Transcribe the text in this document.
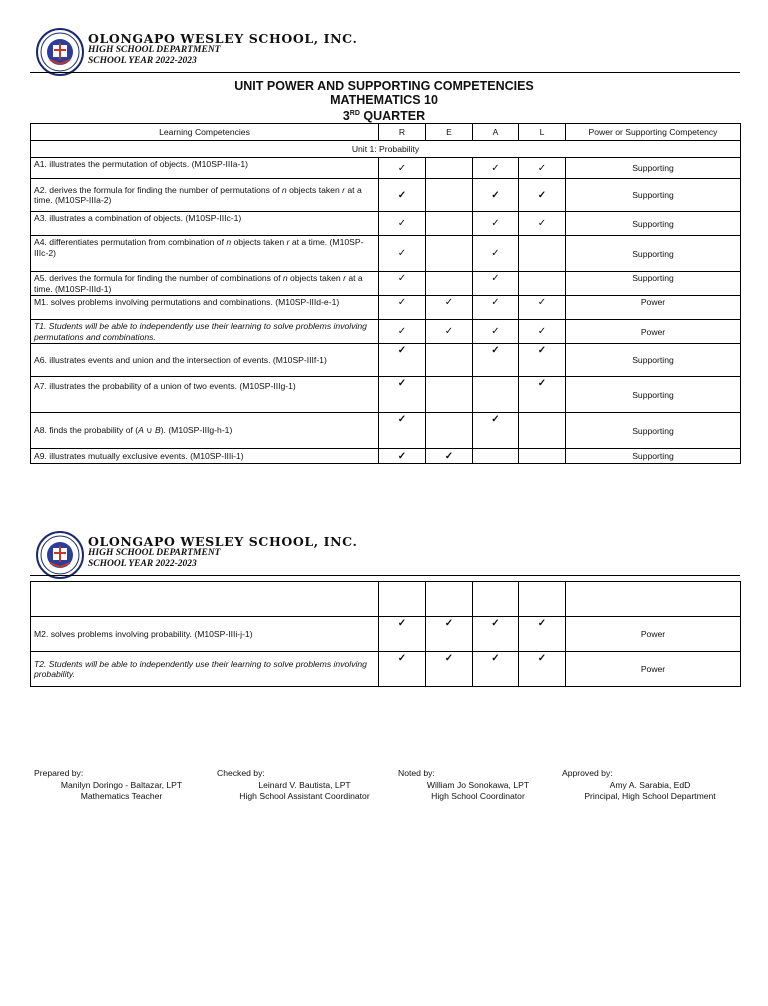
OLONGAPO WESLEY SCHOOL, INC.
HIGH SCHOOL DEPARTMENT
SCHOOL YEAR 2022-2023
UNIT POWER AND SUPPORTING COMPETENCIES
MATHEMATICS 10
3RD QUARTER
Learning Competencies	R	E	A	L	Power or Supporting Competency
Unit 1: Probability					
A1. illustrates the permutation of objects. (M10SP-IIIa-1)	✓		✓	✓	Supporting
A2. derives the formula for finding the number of permutations of n objects taken r at a time. (M10SP-IIIa-2)	✓		✓	✓	Supporting
A3. illustrates a combination of objects. (M10SP-IIIc-1)	✓		✓	✓	Supporting
A4. differentiates permutation from combination of n objects taken r at a time. (M10SP-IIIc-2)	✓		✓		Supporting
A5. derives the formula for finding the number of combinations of n objects taken r at a time. (M10SP-IIId-1)	✓		✓		Supporting
M1. solves problems involving permutations and combinations. (M10SP-IIId-e-1)	✓	✓	✓	✓	Power
T1. Students will be able to independently use their learning to solve problems involving permutations and combinations.	✓	✓	✓	✓	Power
A6. illustrates events and union and the intersection of events. (M10SP-IIIf-1)	✓		✓	✓	Supporting
A7. illustrates the probability of a union of two events. (M10SP-IIIg-1)	✓			✓	Supporting
A8. finds the probability of (A ∪ B). (M10SP-IIIg-h-1)	✓		✓		Supporting
A9. illustrates mutually exclusive events. (M10SP-IIIi-1)	✓	✓			Supporting
OLONGAPO WESLEY SCHOOL, INC.
HIGH SCHOOL DEPARTMENT
SCHOOL YEAR 2022-2023

M2. solves problems involving probability. (M10SP-IIIi-j-1)	✓	✓	✓	✓	Power
T2. Students will be able to independently use their learning to solve problems involving probability.	✓	✓	✓	✓	Power
Prepared by:
Manilyn Doringo - Baltazar, LPT
Mathematics Teacher
Checked by:
Leinard V. Bautista, LPT
High School Assistant Coordinator
Noted by:
William Jo Sonokawa, LPT
High School Coordinator
Approved by:
Amy A. Sarabia, EdD
Principal, High School Department
